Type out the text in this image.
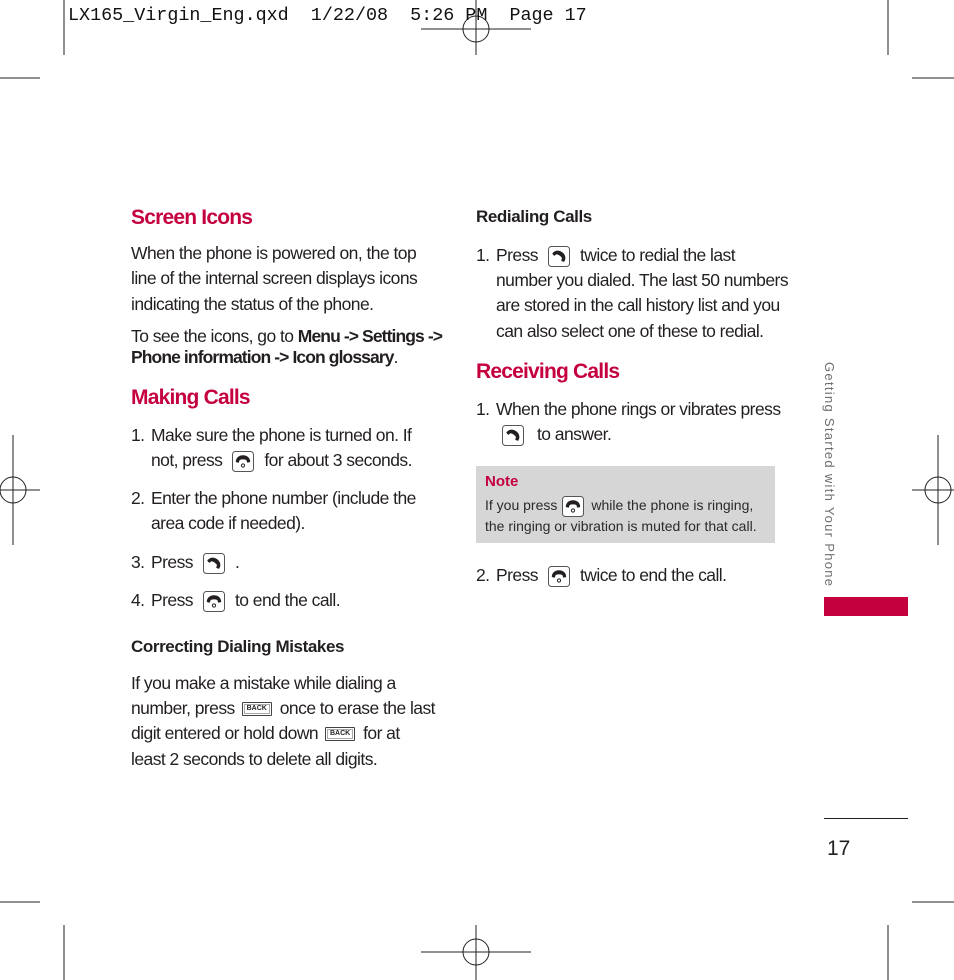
LX165_Virgin_Eng.qxd  1/22/08  5:26 PM  Page 17
Screen Icons
When the phone is powered on, the top
line of the internal screen displays icons
indicating the status of the phone.
To see the icons, go to Menu -> Settings ->
Phone information -> Icon glossary.
Making Calls
1. Make sure the phone is turned on. If
not, press for about 3 seconds.
2. Enter the phone number (include the
area code if needed).
3. Press .
4. Press to end the call.
Correcting Dialing Mistakes
If you make a mistake while dialing a
number, press BACK once to erase the last
digit entered or hold down BACK for at
least 2 seconds to delete all digits.
Redialing Calls
1. Press twice to redial the last
number you dialed. The last 50 numbers
are stored in the call history list and you
can also select one of these to redial.
Receiving Calls
1. When the phone rings or vibrates press
to answer.
Note
If you press while the phone is ringing,
the ringing or vibration is muted for that call.
2. Press twice to end the call.	Getting Started with Your Phone
17
